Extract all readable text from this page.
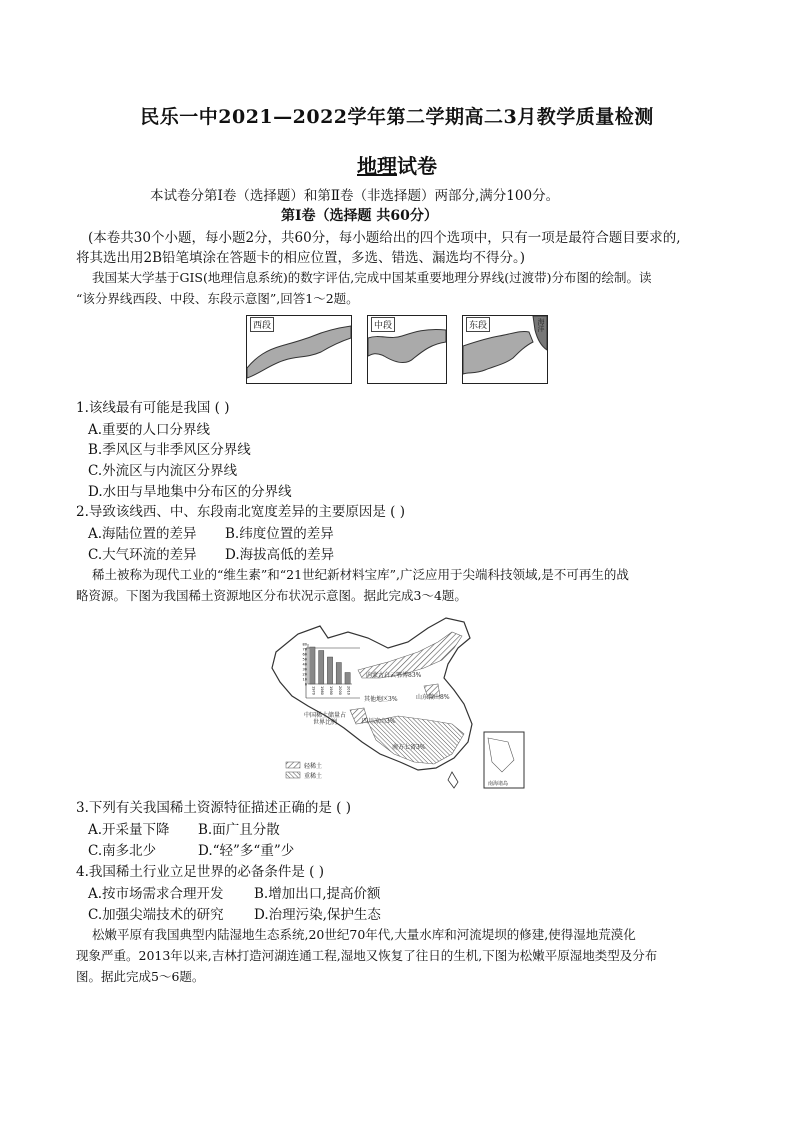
民乐一中2021—2022学年第二学期高二3月教学质量检测
地理试卷
本试卷分第Ⅰ卷（选择题）和第Ⅱ卷（非选择题）两部分,满分100分。
第Ⅰ卷（选择题 共60分）
(本卷共30个小题，每小题2分，共60分，每小题给出的四个选项中，只有一项是最符合题目要求的,
将其选出用2B铅笔填涂在答题卡的相应位置，多选、错选、漏选均不得分。)
我国某大学基于GIS(地理信息系统)的数字评估,完成中国某重要地理分界线(过渡带)分布图的绘制。读
“该分界线西段、中段、东段示意图”,回答1～2题。
西段	中段	东段	海洋
1.该线最有可能是我国 ( )
A.重要的人口分界线
B.季风区与非季风区分界线
C.外流区与内流区分界线
D.水田与旱地集中分布区的分界线
2.导致该线西、中、东段南北宽度差异的主要原因是 ( )
A.海陆位置的差异 B.纬度位置的差异
C.大气环流的差异 D.海拔高低的差异
稀土被称为现代工业的“维生素”和“21世纪新材料宝库”,广泛应用于尖端科技领域,是不可再生的战
略资源。下图为我国稀土资源地区分布状况示意图。据此完成3～4题。
80
70
60
50
40
30
20
10
0
1970 1980 1990 2000 2010
内蒙古白云鄂博83%
其他地区3%	山东微山8%
四川凉山3%
南方七省3%
中国稀土储量占世界比例
轻稀土
重稀土
南海诸岛
3.下列有关我国稀土资源特征描述正确的是 ( )
A.开采量下降 B.面广且分散
C.南多北少	D.“轻”多“重”少
4.我国稀土行业立足世界的必备条件是 ( )
A.按市场需求合理开发 B.增加出口,提高价额
C.加强尖端技术的研究 D.治理污染,保护生态
松嫩平原有我国典型内陆湿地生态系统,20世纪70年代,大量水库和河流堤坝的修建,使得湿地荒漠化
现象严重。2013年以来,吉林打造河湖连通工程,湿地又恢复了往日的生机,下图为松嫩平原湿地类型及分布
图。据此完成5～6题。
